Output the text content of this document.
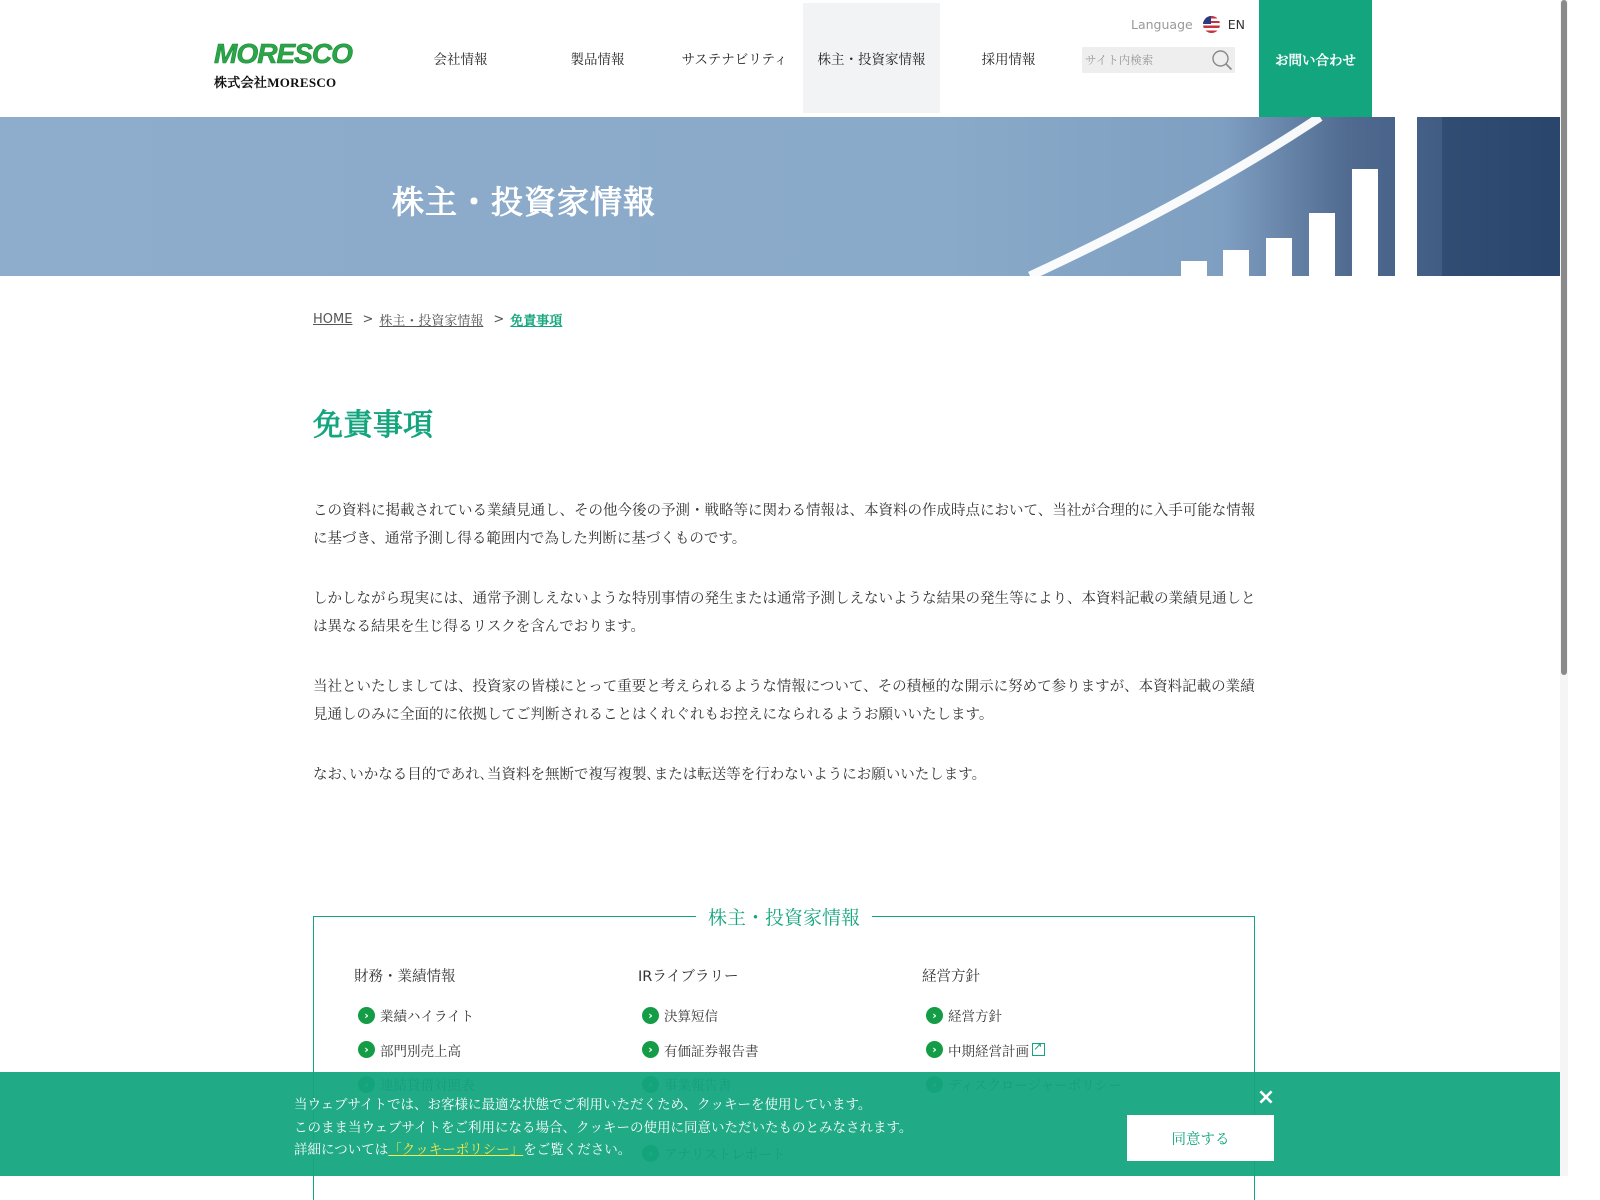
MORESCO
株式会社MORESCO
会社情報	製品情報	サステナビリティ	株主・投資家情報	採用情報
Language	EN
サイト内検索
お問い合わせ
株主・投資家情報
HOME > 株主・投資家情報 > 免責事項
免責事項

この資料に掲載されている業績見通し、その他今後の予測・戦略等に関わる情報は、本資料の作成時点において、当社が合理的に入手可能な情報に基づき、通常予測し得る範囲内で為した判断に基づくものです。

しかしながら現実には、通常予測しえないような特別事情の発生または通常予測しえないような結果の発生等により、本資料記載の業績見通しとは異なる結果を生じ得るリスクを含んでおります。

当社といたしましては、投資家の皆様にとって重要と考えられるような情報について、その積極的な開示に努めて参りますが、本資料記載の業績見通しのみに全面的に依拠してご判断されることはくれぐれもお控えになられるようお願いいたします。

なお､いかなる目的であれ､当資料を無断で複写複製､または転送等を行わないようにお願いいたします。

株主・投資家情報
財務・業績情報
› 業績ハイライト
› 部門別売上高
IRライブラリー
› 決算短信
› 有価証券報告書
経営方針
› 経営方針
› 中期経営計画
↗
当ウェブサイトでは、お客様に最適な状態でご利用いただくため、クッキーを使用しています。
このまま当ウェブサイトをご利用になる場合、クッキーの使用に同意いただいたものとみなされます。
詳細については「クッキーポリシー」をご覧ください。
同意する
×
